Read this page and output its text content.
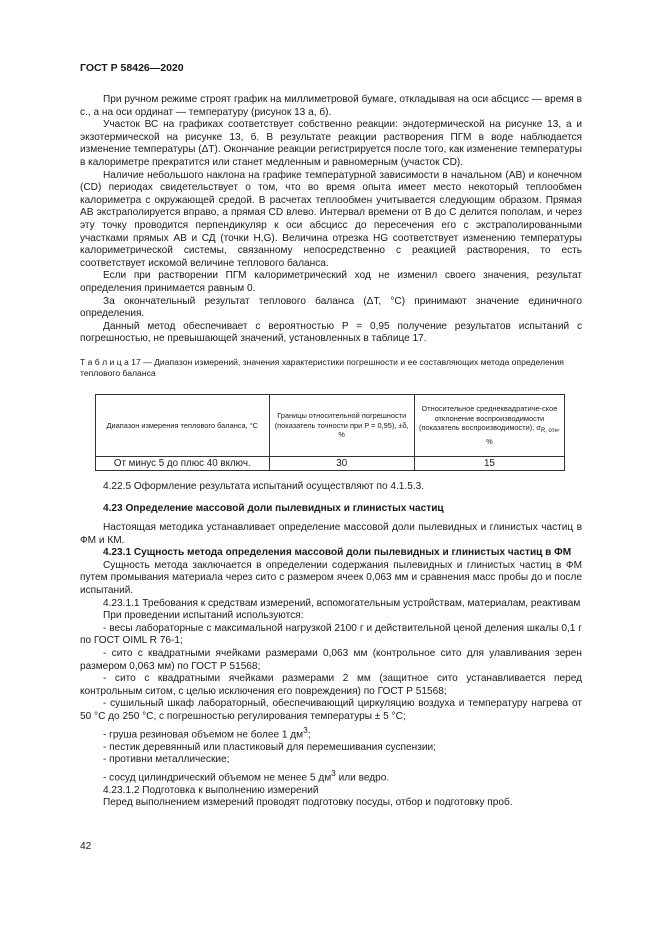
ГОСТ Р 58426—2020

При ручном режиме строят график на миллиметровой бумаге, откладывая на оси абсцисс — время в с., а на оси ординат — температуру (рисунок 13 а, б).

Участок ВС на графиках соответствует собственно реакции: эндотермической на рисунке 13, а и экзотермической на рисунке 13, б. В результате реакции растворения ПГМ в воде наблюдается изменение температуры (ΔT). Окончание реакции регистрируется после того, как изменение температуры в калориметре прекратится или станет медленным и равномерным (участок CD).

Наличие небольшого наклона на графике температурной зависимости в начальном (AB) и конечном (CD) периодах свидетельствует о том, что во время опыта имеет место некоторый теплообмен калориметра с окружающей средой. В расчетах теплообмен учитывается следующим образом. Прямая AB экстраполируется вправо, а прямая CD влево. Интервал времени от B до C делится пополам, и через эту точку проводится перпендикуляр к оси абсцисс до пересечения его с экстраполированными участками прямых АВ и СД (точки H,G). Величина отрезка HG соответствует изменению температуры калориметрической системы, связанному непосредственно с реакцией растворения, то есть соответствует искомой величине теплового баланса.

Если при растворении ПГМ калориметрический ход не изменил своего значения, результат определения принимается равным 0.

За окончательный результат теплового баланса (ΔT, °C) принимают значение единичного определения.

Данный метод обеспечивает с вероятностью P = 0,95 получение результатов испытаний с погрешностью, не превышающей значений, установленных в таблице 17.

Т а б л и ц а 17 — Диапазон измерений, значения характеристики погрешности и ее составляющих метода определения теплового баланса

Диапазон измерения теплового баланса, °C	Границы относительной погрешности (показатель точности при P = 0,95), ±δ, %	Относительное среднеквадратиче-ское отклонение воспроизводимости (показатель воспроизводимости), $\sigma_{R, отн}$, %
От минус 5 до плюс 40 включ.	30	15

4.22.5 Оформление результата испытаний осуществляют по 4.1.5.3.

4.23 Определение массовой доли пылевидных и глинистых частиц

Настоящая методика устанавливает определение массовой доли пылевидных и глинистых частиц в ФМ и КМ.

4.23.1 Сущность метода определения массовой доли пылевидных и глинистых частиц в ФМ

Сущность метода заключается в определении содержания пылевидных и глинистых частиц в ФМ путем промывания материала через сито с размером ячеек 0,063 мм и сравнения масс пробы до и после испытаний.

4.23.1.1 Требования к средствам измерений, вспомогательным устройствам, материалам, реактивам

При проведении испытаний используются:

- весы лабораторные с максимальной нагрузкой 2100 г и действительной ценой деления шкалы 0,1 г по ГОСТ OIML R 76-1;

- сито с квадратными ячейками размерами 0,063 мм (контрольное сито для улавливания зерен размером 0,063 мм) по ГОСТ Р 51568;

- сито с квадратными ячейками размерами 2 мм (защитное сито устанавливается перед контрольным ситом, с целью исключения его повреждения) по ГОСТ Р 51568;

- сушильный шкаф лабораторный, обеспечивающий циркуляцию воздуха и температуру нагрева от 50 °C до 250 °C, с погрешностью регулирования температуры ± 5 °C;

- груша резиновая объемом не более 1 $дм^3$;

- пестик деревянный или пластиковый для перемешивания суспензии;

- противни металлические;

- сосуд цилиндрический объемом не менее 5 $дм^3$ или ведро.

4.23.1.2 Подготовка к выполнению измерений

Перед выполнением измерений проводят подготовку посуды, отбор и подготовку проб.

42
